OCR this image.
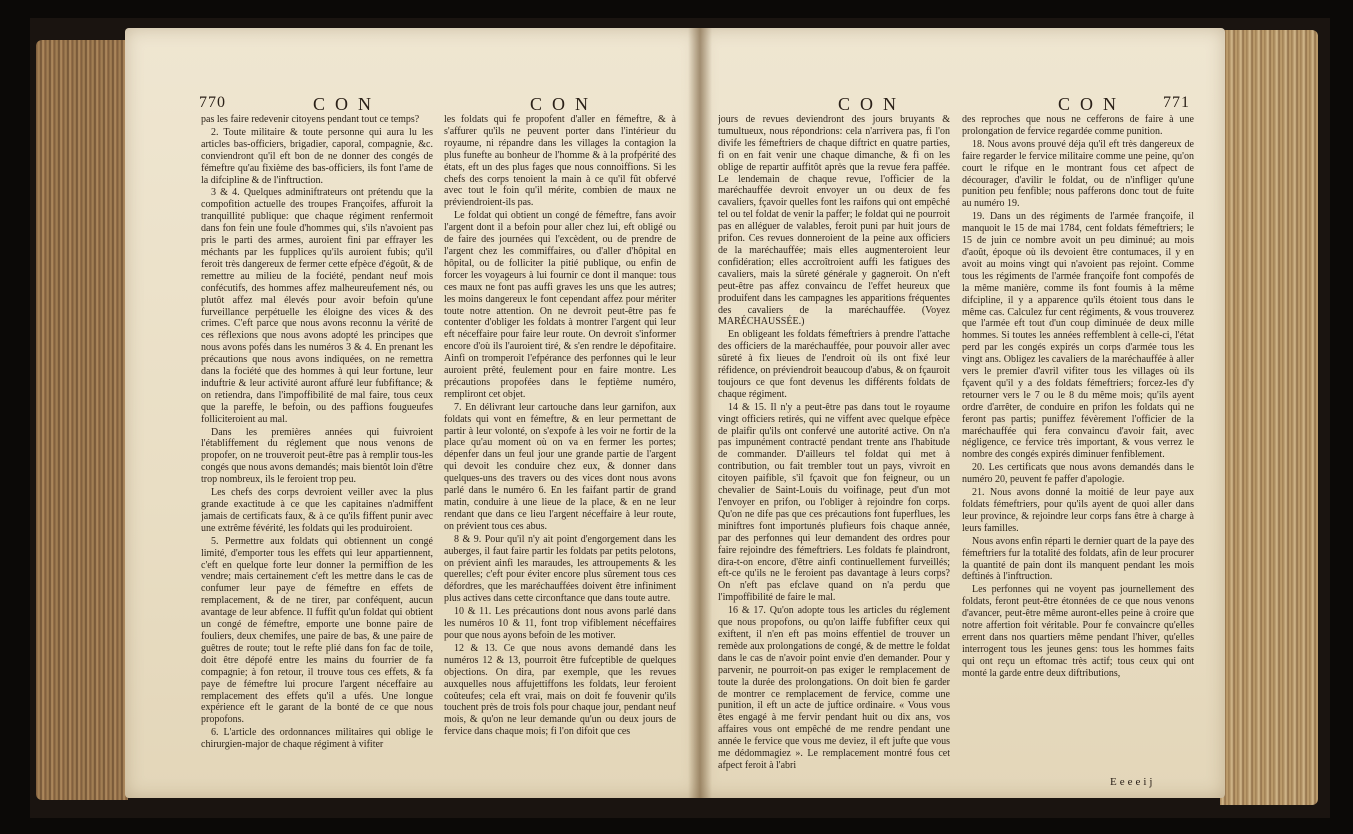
770	CON	CON

pas les faire redevenir citoyens pendant tout ce temps?

2. Toute militaire & toute personne qui aura lu les articles bas-officiers, brigadier, caporal, compagnie, &c. conviendront qu'il eft bon de ne donner des congés de fémeftre qu'au fixième des bas-officiers, ils font l'ame de la difcipline & de l'inftruction.

3 & 4. Quelques adminiftrateurs ont prétendu que la compofition actuelle des troupes Françoifes, affuroit la tranquillité publique: que chaque régiment renfermoit dans fon fein une foule d'hommes qui, s'ils n'avoient pas pris le parti des armes, auroient fini par effrayer les méchants par les fupplices qu'ils auroient fubis; qu'il feroit très dangereux de fermer cette efpèce d'égoût, & de remettre au milieu de la fociété, pendant neuf mois confécutifs, des hommes affez malheureufement nés, ou plutôt affez mal élevés pour avoir befoin qu'une furveillance perpétuelle les éloigne des vices & des crimes. C'eft parce que nous avons reconnu la vérité de ces réflexions que nous avons adopté les principes que nous avons pofés dans les numéros 3 & 4. En prenant les précautions que nous avons indiquées, on ne remettra dans la fociété que des hommes à qui leur fortune, leur induftrie & leur activité auront affuré leur fubfiftance; & on retiendra, dans l'impoffibilité de mal faire, tous ceux que la pareffe, le befoin, ou des paffions fougueufes folliciteroient au mal.

Dans les premières années qui fuivroient l'établiffement du réglement que nous venons de propofer, on ne trouveroit peut-être pas à remplir tous-les congés que nous avons demandés; mais bientôt loin d'être trop nombreux, ils le feroient trop peu.

Les chefs des corps devroient veiller avec la plus grande exactitude à ce que les capitaines n'admiffent jamais de certificats faux, & à ce qu'ils fiffent punir avec une extrême févérité, les foldats qui les produiroient.

5. Permettre aux foldats qui obtiennent un congé limité, d'emporter tous les effets qui leur appartiennent, c'eft en quelque forte leur donner la permiffion de les vendre; mais certainement c'eft les mettre dans le cas de confumer leur paye de fémeftre en effets de remplacement, & de ne tirer, par conféquent, aucun avantage de leur abfence. Il fuffit qu'un foldat qui obtient un congé de fémeftre, emporte une bonne paire de fouliers, deux chemifes, une paire de bas, & une paire de guêtres de route; tout le refte plié dans fon fac de toile, doit être dépofé entre les mains du fourrier de fa compagnie; à fon retour, il trouve tous ces effets, & fa paye de fémeftre lui procure l'argent néceffaire au remplacement des effets qu'il a ufés. Une longue expérience eft le garant de la bonté de ce que nous propofons.

6. L'article des ordonnances militaires qui oblige le chirurgien-major de chaque régiment à vifiter

les foldats qui fe propofent d'aller en fémeftre, & à s'affurer qu'ils ne peuvent porter dans l'intérieur du royaume, ni répandre dans les villages la contagion la plus funefte au bonheur de l'homme & à la profpérité des états, eft un des plus fages que nous connoiffions. Si les chefs des corps tenoient la main à ce qu'il fût obfervé avec tout le foin qu'il mérite, combien de maux ne préviendroient-ils pas.

Le foldat qui obtient un congé de fémeftre, fans avoir l'argent dont il a befoin pour aller chez lui, eft obligé ou de faire des journées qui l'excèdent, ou de prendre de l'argent chez les commiffaires, ou d'aller d'hôpital en hôpital, ou de folliciter la pitié publique, ou enfin de forcer les voyageurs à lui fournir ce dont il manque: tous ces maux ne font pas auffi graves les uns que les autres; les moins dangereux le font cependant affez pour mériter toute notre attention. On ne devroit peut-être pas fe contenter d'obliger les foldats à montrer l'argent qui leur eft néceffaire pour faire leur route. On devroit s'informer encore d'où ils l'auroient tiré, & s'en rendre le dépofitaire. Ainfi on tromperoit l'efpérance des perfonnes qui le leur auroient prêté, feulement pour en faire montre. Les précautions propofées dans le feptième numéro, rempliront cet objet.

7. En délivrant leur cartouche dans leur garnifon, aux foldats qui vont en fémeftre, & en leur permettant de partir à leur volonté, on s'expofe à les voir ne fortir de la place qu'au moment où on va en fermer les portes; dépenfer dans un feul jour une grande partie de l'argent qui devoit les conduire chez eux, & donner dans quelques-uns des travers ou des vices dont nous avons parlé dans le numéro 6. En les faifant partir de grand matin, conduire à une lieue de la place, & en ne leur rendant que dans ce lieu l'argent néceffaire à leur route, on prévient tous ces abus.

8 & 9. Pour qu'il n'y ait point d'engorgement dans les auberges, il faut faire partir les foldats par petits pelotons, on prévient ainfi les maraudes, les attroupements & les querelles; c'eft pour éviter encore plus sûrement tous ces défordres, que les maréchauffées doivent être infiniment plus actives dans cette circonftance que dans toute autre.

10 & 11. Les précautions dont nous avons parlé dans les numéros 10 & 11, font trop vifiblement néceffaires pour que nous ayons befoin de les motiver.

12 & 13. Ce que nous avons demandé dans les numéros 12 & 13, pourroit être fufceptible de quelques objections. On dira, par exemple, que les revues auxquelles nous affujettiffons les foldats, leur feroient coûteufes; cela eft vrai, mais on doit fe fouvenir qu'ils touchent près de trois fols pour chaque jour, pendant neuf mois, & qu'on ne leur demande qu'un ou deux jours de fervice dans chaque mois; fi l'on difoit que ces

CON	CON 771

jours de revues deviendront des jours bruyants & tumultueux, nous répondrions: cela n'arrivera pas, fi l'on divife les fémeftriers de chaque diftrict en quatre parties, fi on en fait venir une chaque dimanche, & fi on les oblige de repartir auffitôt après que la revue fera paffée. Le lendemain de chaque revue, l'officier de la maréchauffée devroit envoyer un ou deux de fes cavaliers, fçavoir quelles font les raifons qui ont empêché tel ou tel foldat de venir la paffer; le foldat qui ne pourroit pas en alléguer de valables, feroit puni par huit jours de prifon. Ces revues donneroient de la peine aux officiers de la maréchauffée; mais elles augmenteroient leur confidération; elles accroîtroient auffi les fatigues des cavaliers, mais la sûreté générale y gagneroit. On n'eft peut-être pas affez convaincu de l'effet heureux que produifent dans les campagnes les apparitions fréquentes des cavaliers de la maréchauffée. (Voyez MARÉCHAUSSÉE.)

En obligeant les foldats fémeftriers à prendre l'attache des officiers de la maréchauffée, pour pouvoir aller avec sûreté à fix lieues de l'endroit où ils ont fixé leur réfidence, on préviendroit beaucoup d'abus, & on fçauroit toujours ce que font devenus les différents foldats de chaque régiment.

14 & 15. Il n'y a peut-être pas dans tout le royaume vingt officiers retirés, qui ne viffent avec quelque efpèce de plaifir qu'ils ont confervé une autorité active. On n'a pas impunément contracté pendant trente ans l'habitude de commander. D'ailleurs tel foldat qui met à contribution, ou fait trembler tout un pays, vivroit en citoyen paifible, s'il fçavoit que fon feigneur, ou un chevalier de Saint-Louis du voifinage, peut d'un mot l'envoyer en prifon, ou l'obliger à rejoindre fon corps. Qu'on ne dife pas que ces précautions font fuperflues, les miniftres font importunés plufieurs fois chaque année, par des perfonnes qui leur demandent des ordres pour faire rejoindre des fémeftriers. Les foldats fe plaindront, dira-t-on encore, d'être ainfi continuellement furveillés; eft-ce qu'ils ne le feroient pas davantage à leurs corps? On n'eft pas efclave quand on n'a perdu que l'impoffibilité de faire le mal.

16 & 17. Qu'on adopte tous les articles du réglement que nous propofons, ou qu'on laiffe fubfifter ceux qui exiftent, il n'en eft pas moins effentiel de trouver un remède aux prolongations de congé, & de mettre le foldat dans le cas de n'avoir point envie d'en demander. Pour y parvenir, ne pourroit-on pas exiger le remplacement de toute la durée des prolongations. On doit bien fe garder de montrer ce remplacement de fervice, comme une punition, il eft un acte de juftice ordinaire. « Vous vous êtes engagé à me fervir pendant huit ou dix ans, vos affaires vous ont empêché de me rendre pendant une année le fervice que vous me deviez, il eft jufte que vous me dédommagiez ». Le remplacement montré fous cet afpect feroit à l'abri

des reproches que nous ne cefferons de faire à une prolongation de fervice regardée comme punition.

18. Nous avons prouvé déja qu'il eft très dangereux de faire regarder le fervice militaire comme une peine, qu'on court le rifque en le montrant fous cet afpect de décourager, d'avilir le foldat, ou de n'infliger qu'une punition peu fenfible; nous pafferons donc tout de fuite au numéro 19.

19. Dans un des régiments de l'armée françoife, il manquoit le 15 de mai 1784, cent foldats fémeftriers; le 15 de juin ce nombre avoit un peu diminué; au mois d'août, époque où ils devoient être contumaces, il y en avoit au moins vingt qui n'avoient pas rejoint. Comme tous les régiments de l'armée françoife font compofés de la même manière, comme ils font foumis à la même difcipline, il y a apparence qu'ils étoient tous dans le même cas. Calculez fur cent régiments, & vous trouverez que l'armée eft tout d'un coup diminuée de deux mille hommes. Si toutes les années reffemblent à celle-ci, l'état perd par les congés expirés un corps d'armée tous les vingt ans. Obligez les cavaliers de la maréchauffée à aller vers le premier d'avril vifiter tous les villages où ils fçavent qu'il y a des foldats fémeftriers; forcez-les d'y retourner vers le 7 ou le 8 du même mois; qu'ils ayent ordre d'arrêter, de conduire en prifon les foldats qui ne feront pas partis; puniffez févèrement l'officier de la maréchauffée qui fera convaincu d'avoir fait, avec négligence, ce fervice très important, & vous verrez le nombre des congés expirés diminuer fenfiblement.

20. Les certificats que nous avons demandés dans le numéro 20, peuvent fe paffer d'apologie.

21. Nous avons donné la moitié de leur paye aux foldats fémeftriers, pour qu'ils ayent de quoi aller dans leur province, & rejoindre leur corps fans être à charge à leurs familles.

Nous avons enfin réparti le dernier quart de la paye des fémeftriers fur la totalité des foldats, afin de leur procurer la quantité de pain dont ils manquent pendant les mois deftinés à l'inftruction.

Les perfonnes qui ne voyent pas journellement des foldats, feront peut-être étonnées de ce que nous venons d'avancer, peut-être même auront-elles peine à croire que notre affertion foit véritable. Pour fe convaincre qu'elles errent dans nos quartiers même pendant l'hiver, qu'elles interrogent tous les jeunes gens: tous les hommes faits qui ont reçu un eftomac très actif; tous ceux qui ont monté la garde entre deux diftributions,

Eeeeij
